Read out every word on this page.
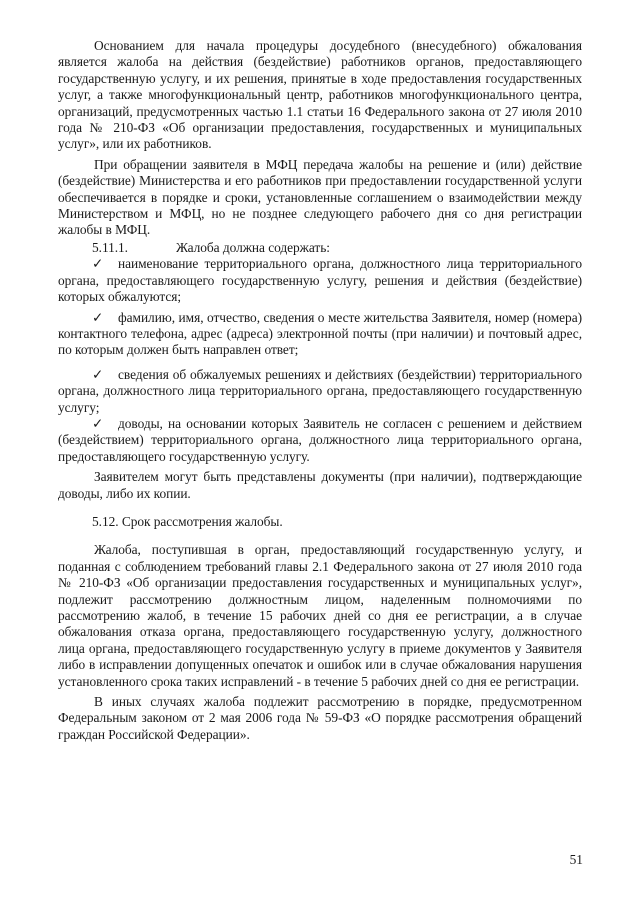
Основанием для начала процедуры досудебного (внесудебного) обжалования является жалоба на действия (бездействие) работников органов, предоставляющего государственную услугу, и их решения, принятые в ходе предоставления государственных услуг, а также многофункциональный центр, работников многофункционального центра, организаций, предусмотренных частью 1.1 статьи 16 Федерального закона от 27 июля 2010 года № 210-ФЗ «Об организации предоставления, государственных и муниципальных услуг», или их работников.

При обращении заявителя в МФЦ передача жалобы на решение и (или) действие (бездействие) Министерства и его работников при предоставлении государственной услуги обеспечивается в порядке и сроки, установленные соглашением о взаимодействии между Министерством и МФЦ, но не позднее следующего рабочего дня со дня регистрации жалобы в МФЦ.

5.11.1.	Жалоба должна содержать:

✓ наименование территориального органа, должностного лица территориального органа, предоставляющего государственную услугу, решения и действия (бездействие) которых обжалуются;

✓ фамилию, имя, отчество, сведения о месте жительства Заявителя, номер (номера) контактного телефона, адрес (адреса) электронной почты (при наличии) и почтовый адрес, по которым должен быть направлен ответ;

✓ сведения об обжалуемых решениях и действиях (бездействии) территориального органа, должностного лица территориального органа, предоставляющего государственную услугу;

✓ доводы, на основании которых Заявитель не согласен с решением и действием (бездействием) территориального органа, должностного лица территориального органа, предоставляющего государственную услугу.

Заявителем могут быть представлены документы (при наличии), подтверждающие доводы, либо их копии.

5.12. Срок рассмотрения жалобы.

Жалоба, поступившая в орган, предоставляющий государственную услугу, и поданная с соблюдением требований главы 2.1 Федерального закона от 27 июля 2010 года № 210-ФЗ «Об организации предоставления государственных и муниципальных услуг», подлежит рассмотрению должностным лицом, наделенным полномочиями по рассмотрению жалоб, в течение 15 рабочих дней со дня ее регистрации, а в случае обжалования отказа органа, предоставляющего государственную услугу, должностного лица органа, предоставляющего государственную услугу в приеме документов у Заявителя либо в исправлении допущенных опечаток и ошибок или в случае обжалования нарушения установленного срока таких исправлений - в течение 5 рабочих дней со дня ее регистрации.

В иных случаях жалоба подлежит рассмотрению в порядке, предусмотренном Федеральным законом от 2 мая 2006 года № 59-ФЗ «О порядке рассмотрения обращений граждан Российской Федерации».

51
